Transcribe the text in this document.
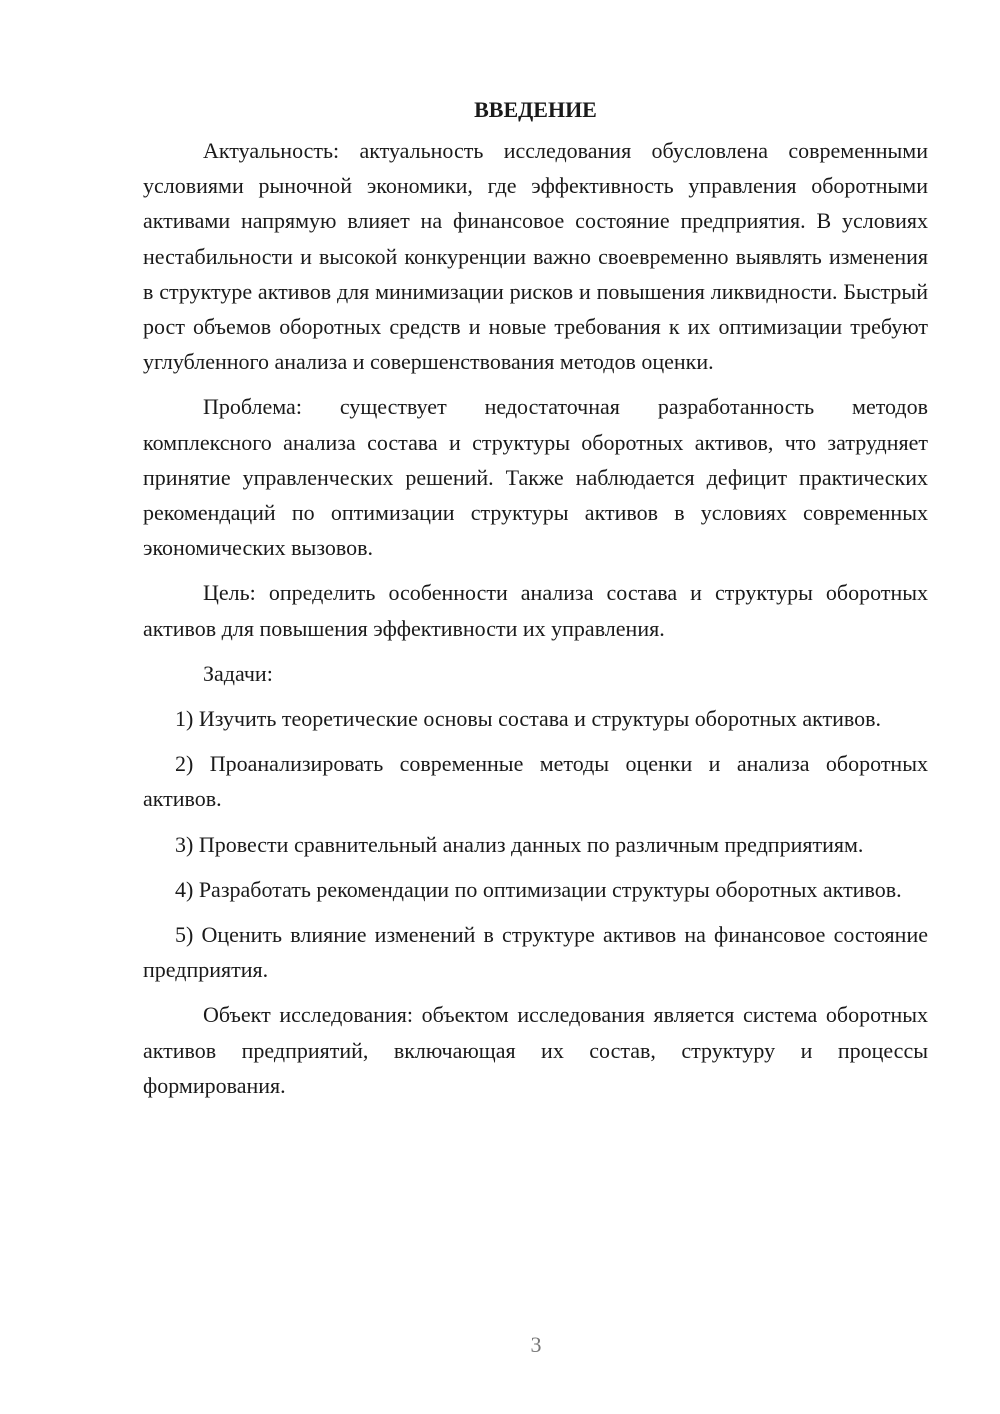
ВВЕДЕНИЕ

Актуальность: актуальность исследования обусловлена современными условиями рыночной экономики, где эффективность управления оборотными активами напрямую влияет на финансовое состояние предприятия. В условиях нестабильности и высокой конкуренции важно своевременно выявлять изменения в структуре активов для минимизации рисков и повышения ликвидности. Быстрый рост объемов оборотных средств и новые требования к их оптимизации требуют углубленного анализа и совершенствования методов оценки.

Проблема: существует недостаточная разработанность методов комплексного анализа состава и структуры оборотных активов, что затрудняет принятие управленческих решений. Также наблюдается дефицит практических рекомендаций по оптимизации структуры активов в условиях современных экономических вызовов.

Цель: определить особенности анализа состава и структуры оборотных активов для повышения эффективности их управления.

Задачи:

1) Изучить теоретические основы состава и структуры оборотных активов.

2) Проанализировать современные методы оценки и анализа оборотных активов.

3) Провести сравнительный анализ данных по различным предприятиям.

4) Разработать рекомендации по оптимизации структуры оборотных активов.

5) Оценить влияние изменений в структуре активов на финансовое состояние предприятия.

Объект исследования: объектом исследования является система оборотных активов предприятий, включающая их состав, структуру и процессы формирования.

3
